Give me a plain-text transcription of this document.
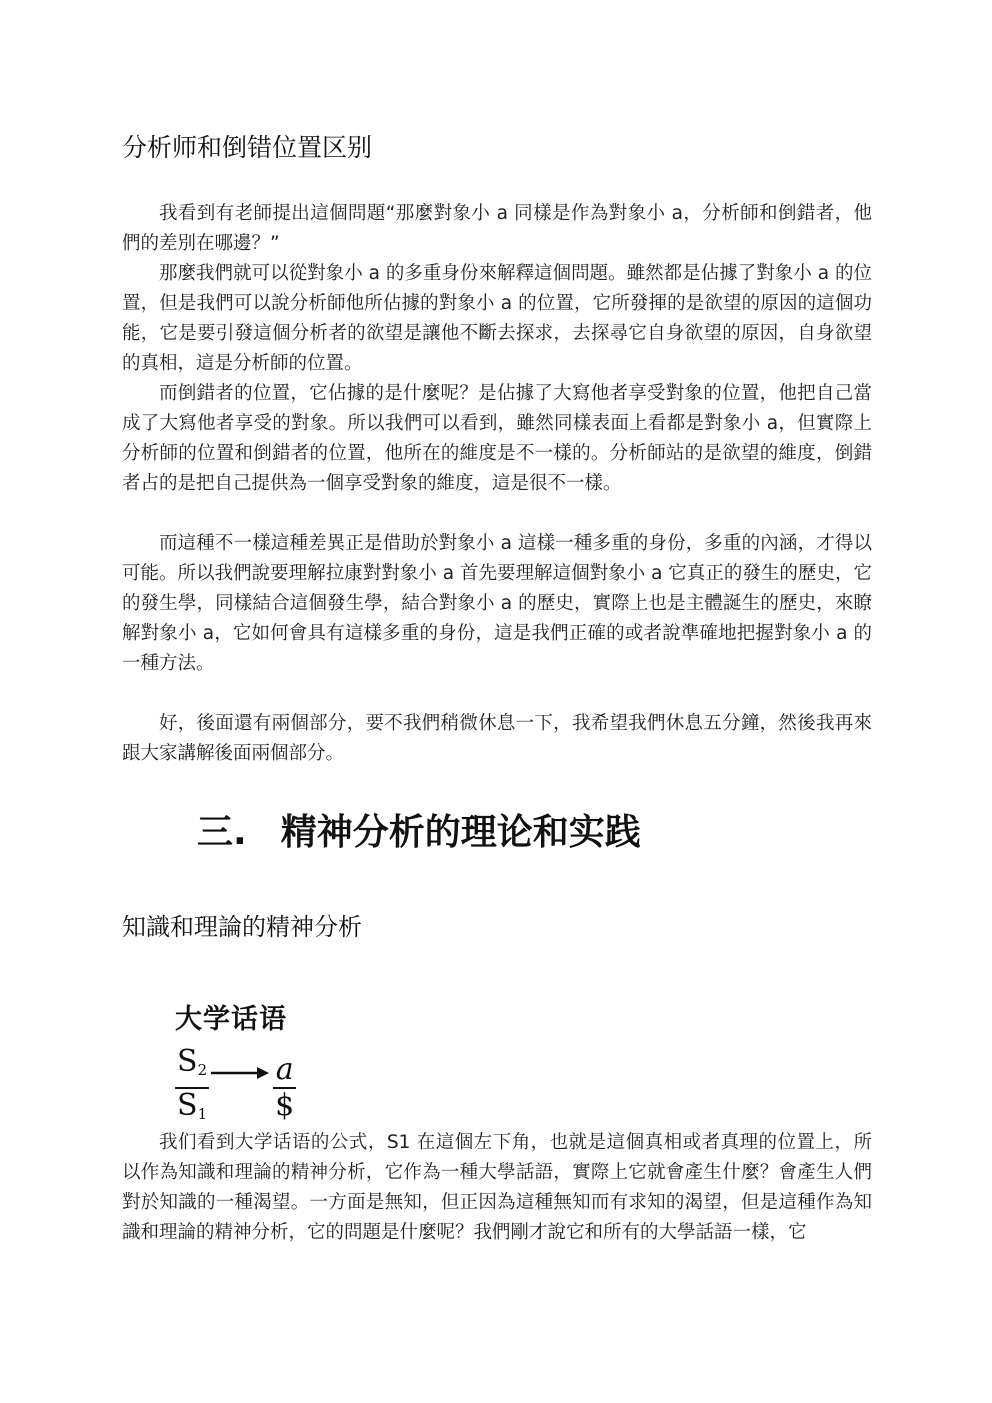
分析师和倒错位置区别

我看到有老師提出這個問題“那麼對象小 a 同樣是作為對象小 a，分析師和倒錯者，他們的差別在哪邊？”

那麼我們就可以從對象小 a 的多重身份來解釋這個問題。雖然都是佔據了對象小 a 的位置，但是我們可以說分析師他所佔據的對象小 a 的位置，它所發揮的是欲望的原因的這個功能，它是要引發這個分析者的欲望是讓他不斷去探求，去探尋它自身欲望的原因，自身欲望的真相，這是分析師的位置。

而倒錯者的位置，它佔據的是什麼呢？是佔據了大寫他者享受對象的位置，他把自己當成了大寫他者享受的對象。所以我們可以看到，雖然同樣表面上看都是對象小 a，但實際上分析師的位置和倒錯者的位置，他所在的維度是不一樣的。分析師站的是欲望的維度，倒錯者占的是把自己提供為一個享受對象的維度，這是很不一樣。

而這種不一樣這種差異正是借助於對象小 a 這樣一種多重的身份，多重的內涵，才得以可能。所以我們說要理解拉康對對象小 a 首先要理解這個對象小 a 它真正的發生的歷史，它的發生學，同樣結合這個發生學，結合對象小 a 的歷史，實際上也是主體誕生的歷史，來瞭解對象小 a，它如何會具有這樣多重的身份，這是我們正確的或者說準確地把握對象小 a 的一種方法。

好，後面還有兩個部分，要不我們稍微休息一下，我希望我們休息五分鐘，然後我再來跟大家講解後面兩個部分。

三. 精神分析的理论和实践
知識和理論的精神分析
大学话语
$\frac{S_2}{S_1} \frac{a}{\$}$

我们看到大学话语的公式，S1 在這個左下角，也就是這個真相或者真理的位置上，所以作為知識和理論的精神分析，它作為一種大學話語，實際上它就會產生什麼？會產生人們對於知識的一種渴望。一方面是無知，但正因為這種無知而有求知的渴望，但是這種作為知識和理論的精神分析，它的問題是什麼呢？我們剛才說它和所有的大學話語一樣，它
